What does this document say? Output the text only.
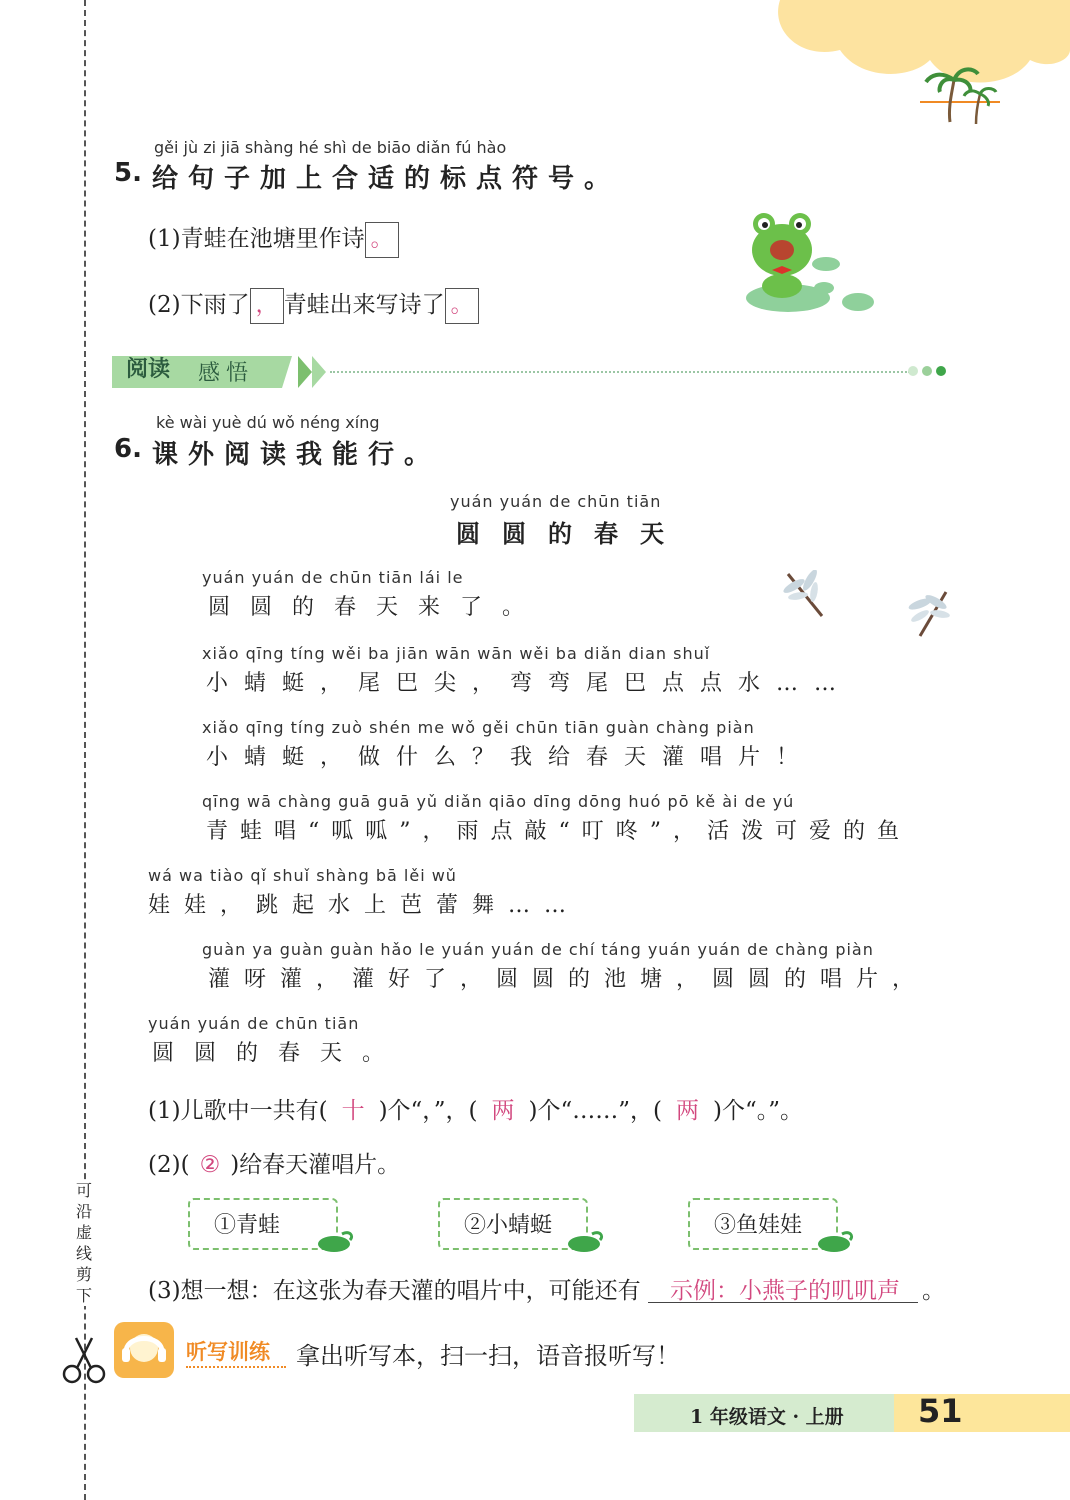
可
沿
虚
线
剪
下
gěi jù zi jiā shàng hé shì de biāo diǎn fú hào
5. 给句子加上合适的标点符号。
(1)青蛙在池塘里作诗 。
(2)下雨了 ， 青蛙出来写诗了 。
阅读 感悟
kè wài yuè dú wǒ néng xíng
6. 课外阅读我能行。
yuán yuán de chūn tiān
圆圆的春天
yuán yuán de chūn tiān lái le
圆圆的春天来了。
xiǎo qīng tíng wěi ba jiān wān wān wěi ba diǎn dian shuǐ
小蜻蜓，尾巴尖，弯弯尾巴点点水……
xiǎo qīng tíng zuò shén me wǒ gěi chūn tiān guàn chàng piàn
小蜻蜓，做什么？我给春天灌唱片！
qīng wā chàng guā guā yǔ diǎn qiāo dīng dōng huó pō kě ài de yú
青蛙唱“呱呱”，雨点敲“叮咚”，活泼可爱的鱼
wá wa tiào qǐ shuǐ shàng bā lěi wǔ
娃娃，跳起水上芭蕾舞……
guàn ya guàn guàn hǎo le yuán yuán de chí táng yuán yuán de chàng piàn
灌呀灌，灌好了，圆圆的池塘，圆圆的唱片，
yuán yuán de chūn tiān
圆圆的春天。
(1)儿歌中一共有( 十 )个“，”，( 两 )个“……”，( 两 )个“。”。
(2)( ② )给春天灌唱片。
①青蛙	②小蜻蜓	③鱼娃娃
(3)想一想：在这张为春天灌的唱片中，可能还有 示例：小燕子的叽叽声 。
听写训练 拿出听写本，扫一扫，语音报听写！
1 年级语文 · 上册 51
